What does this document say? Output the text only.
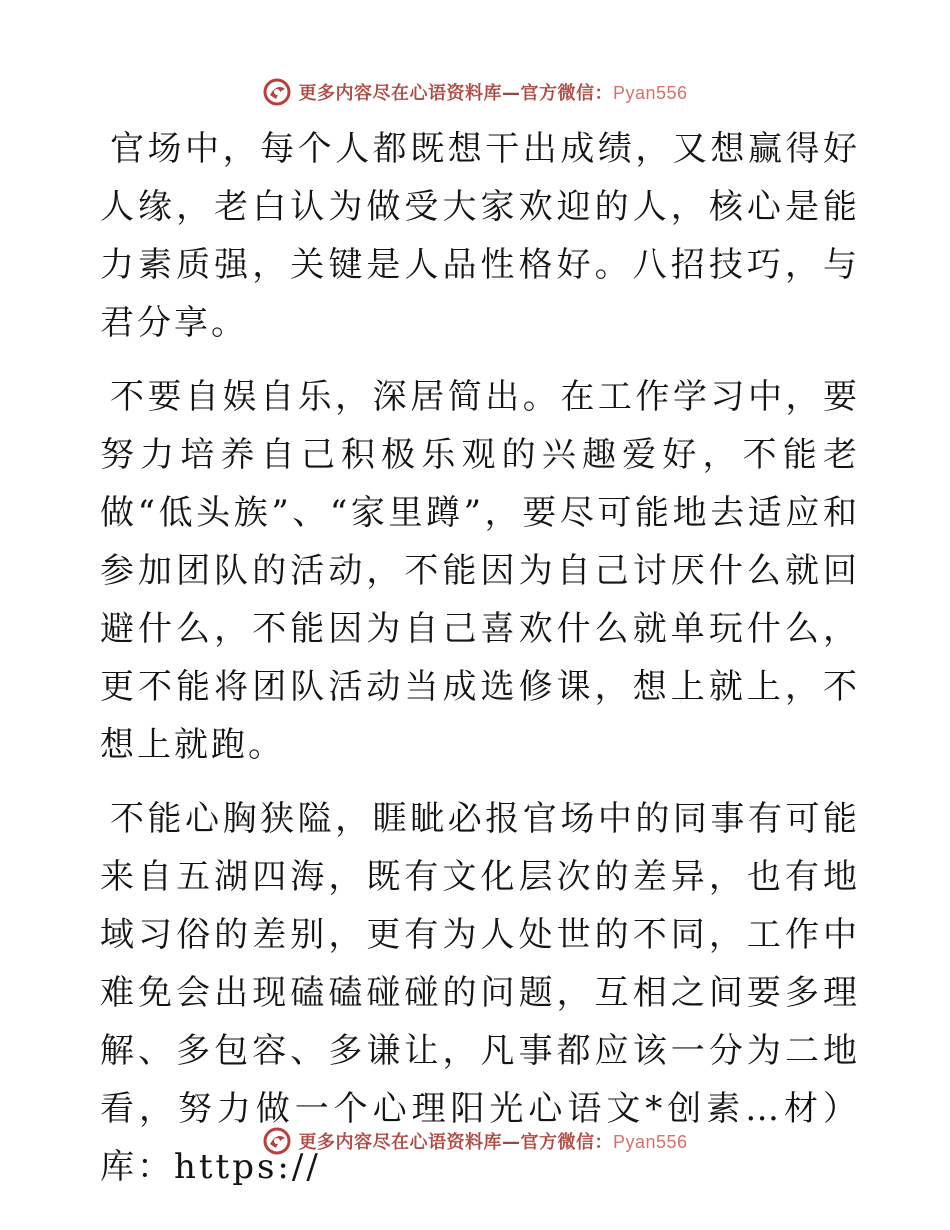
更多内容尽在心语资料库—官方微信：Pyan556

官场中，每个人都既想干出成绩，又想赢得好人缘，老白认为做受大家欢迎的人，核心是能力素质强，关键是人品性格好。八招技巧，与君分享。

不要自娱自乐，深居简出。在工作学习中，要努力培养自己积极乐观的兴趣爱好，不能老做“低头族”、“家里蹲”，要尽可能地去适应和参加团队的活动，不能因为自己讨厌什么就回避什么，不能因为自己喜欢什么就单玩什么，更不能将团队活动当成选修课，想上就上，不想上就跑。

不能心胸狭隘，睚眦必报官场中的同事有可能来自五湖四海，既有文化层次的差异，也有地域习俗的差别，更有为人处世的不同，工作中难免会出现磕磕碰碰的问题，互相之间要多理解、多包容、多谦让，凡事都应该一分为二地看，努力做一个心理阳光心语文*创素…材）库：https://

更多内容尽在心语资料库—官方微信：Pyan556
